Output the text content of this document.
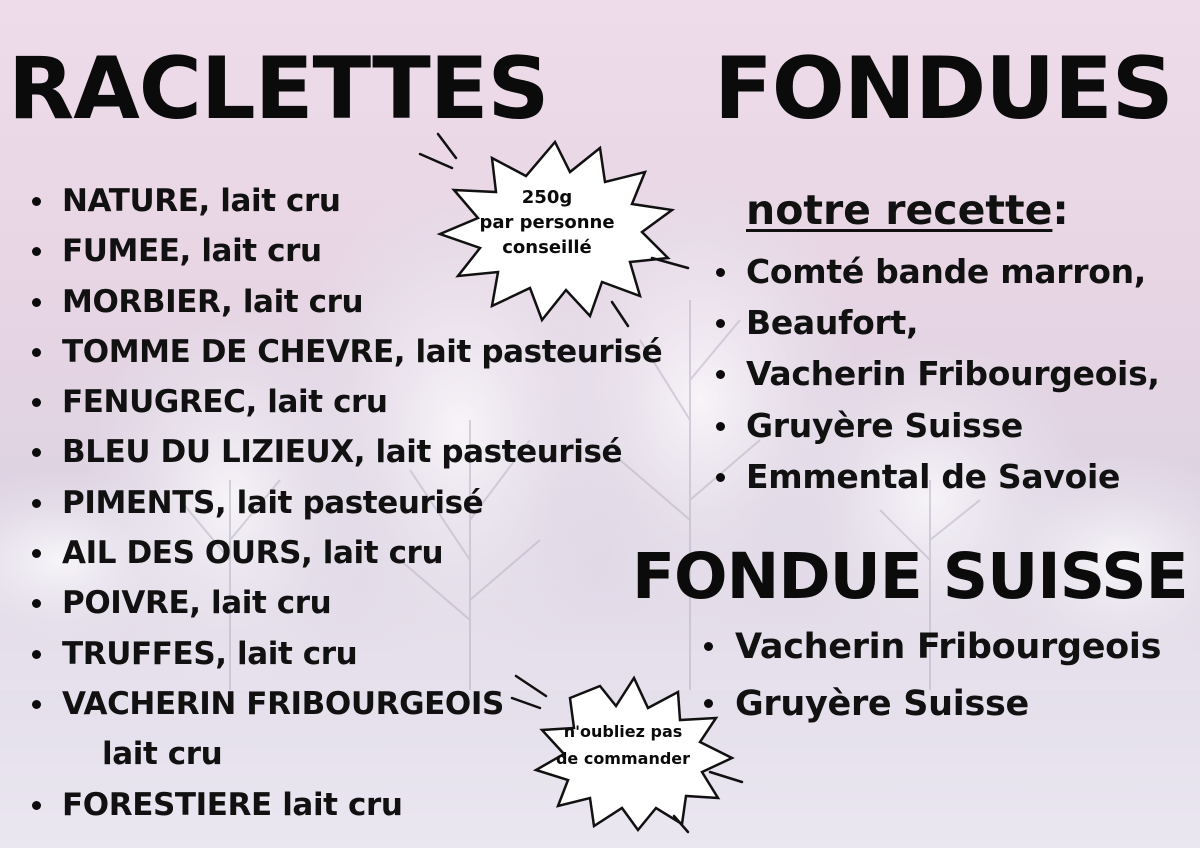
RACLETTES FONDUES
NATURE, lait cru
FUMEE, lait cru
MORBIER, lait cru
TOMME DE CHEVRE, lait pasteurisé
FENUGREC, lait cru
BLEU DU LIZIEUX, lait pasteurisé
PIMENTS, lait pasteurisé
AIL DES OURS, lait cru
POIVRE, lait cru
TRUFFES, lait cru
VACHERIN FRIBOURGEOIS
lait cru
FORESTIERE lait cru
notre recette:
Comté bande marron,
Beaufort,
Vacherin Fribourgeois,
Gruyère Suisse
Emmental de Savoie
FONDUE SUISSE
Vacherin Fribourgeois
Gruyère Suisse
250g
par personne
conseillé
n'oubliez pas
de commander
